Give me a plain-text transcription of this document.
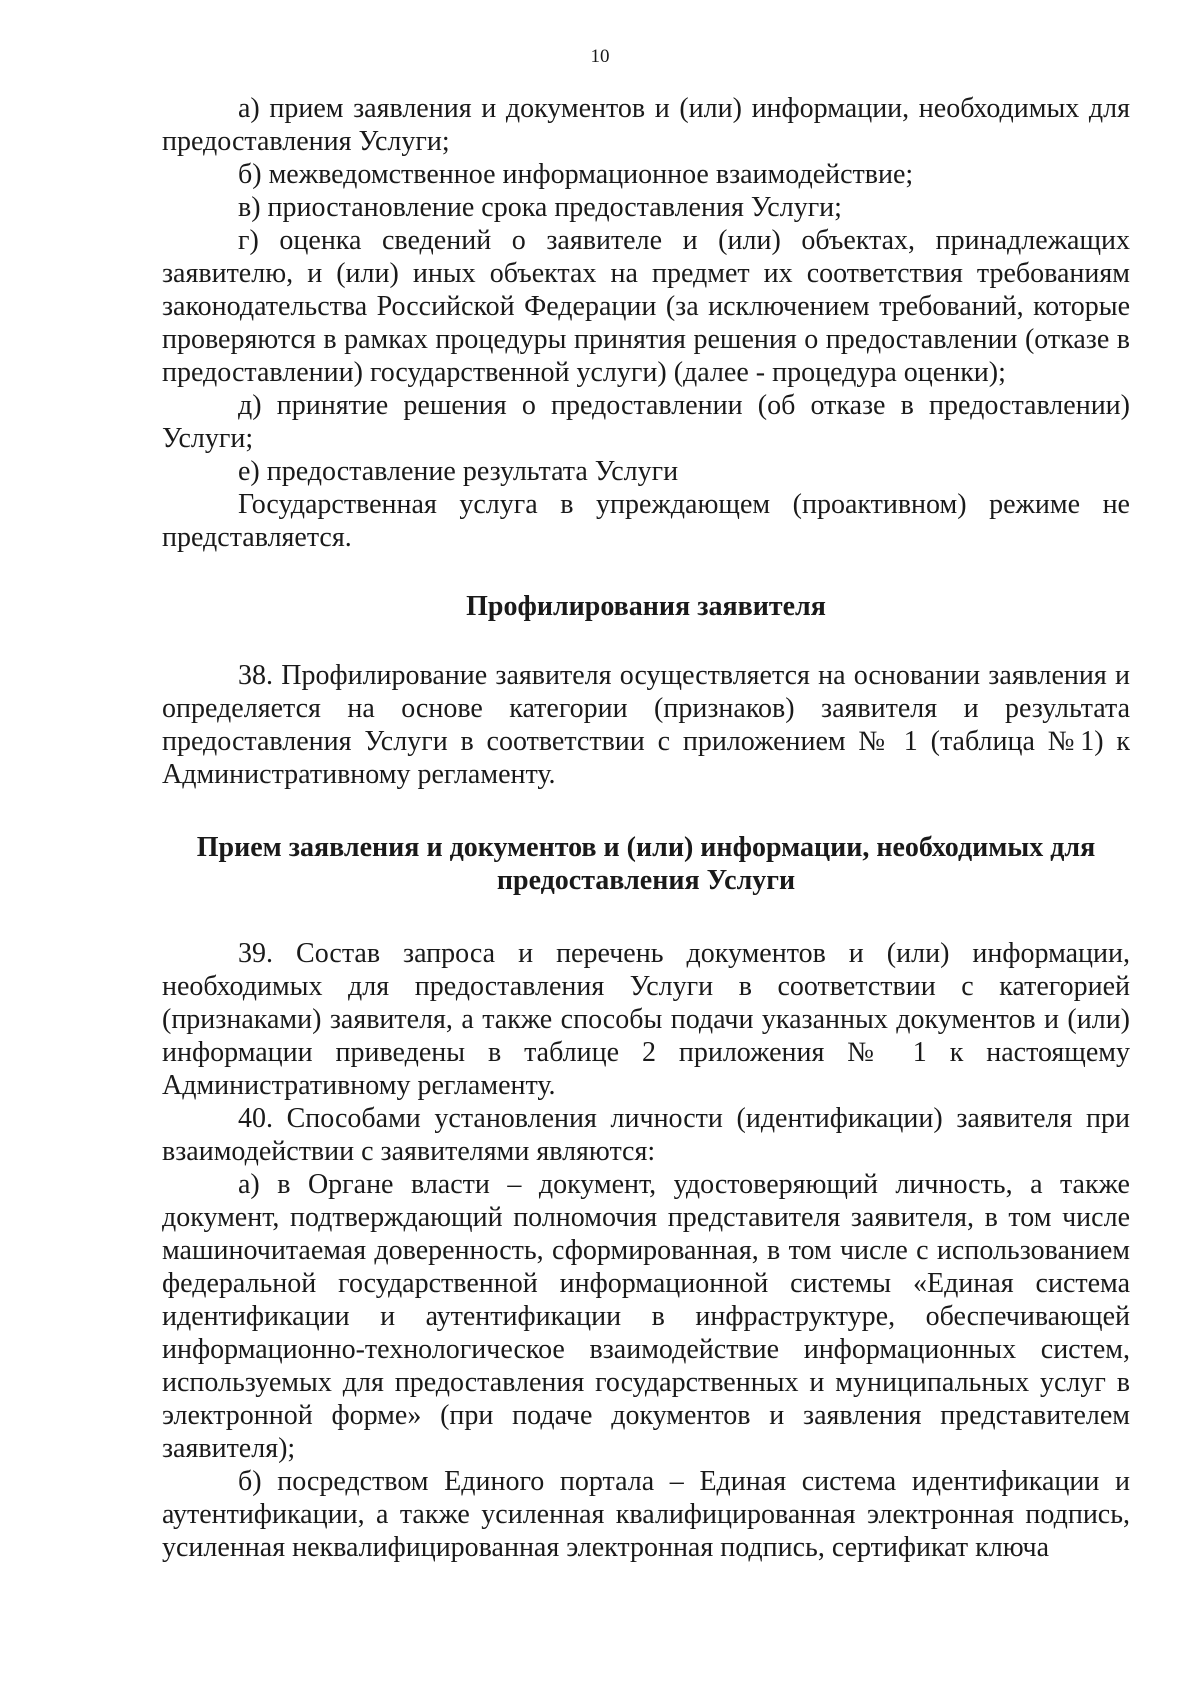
10

а) прием заявления и документов и (или) информации, необходимых для предоставления Услуги;

б) межведомственное информационное взаимодействие;

в) приостановление срока предоставления Услуги;

г) оценка сведений о заявителе и (или) объектах, принадлежащих заявителю, и (или) иных объектах на предмет их соответствия требованиям законодательства Российской Федерации (за исключением требований, которые проверяются в рамках процедуры принятия решения о предоставлении (отказе в предоставлении) государственной услуги) (далее - процедура оценки);

д) принятие решения о предоставлении (об отказе в предоставлении) Услуги;

е) предоставление результата Услуги

Государственная услуга в упреждающем (проактивном) режиме не представляется.

Профилирования заявителя

38. Профилирование заявителя осуществляется на основании заявления и определяется на основе категории (признаков) заявителя и результата предоставления Услуги в соответствии с приложением № 1 (таблица №1) к Административному регламенту.

Прием заявления и документов и (или) информации, необходимых для предоставления Услуги

39. Состав запроса и перечень документов и (или) информации, необходимых для предоставления Услуги в соответствии с категорией (признаками) заявителя, а также способы подачи указанных документов и (или) информации приведены в таблице 2 приложения № 1 к настоящему Административному регламенту.

40. Способами установления личности (идентификации) заявителя при взаимодействии с заявителями являются:

а) в Органе власти – документ, удостоверяющий личность, а также документ, подтверждающий полномочия представителя заявителя, в том числе машиночитаемая доверенность, сформированная, в том числе с использованием федеральной государственной информационной системы «Единая система идентификации и аутентификации в инфраструктуре, обеспечивающей информационно-технологическое взаимодействие информационных систем, используемых для предоставления государственных и муниципальных услуг в электронной форме» (при подаче документов и заявления представителем заявителя);

б) посредством Единого портала – Единая система идентификации и аутентификации, а также усиленная квалифицированная электронная подпись, усиленная неквалифицированная электронная подпись, сертификат ключа
